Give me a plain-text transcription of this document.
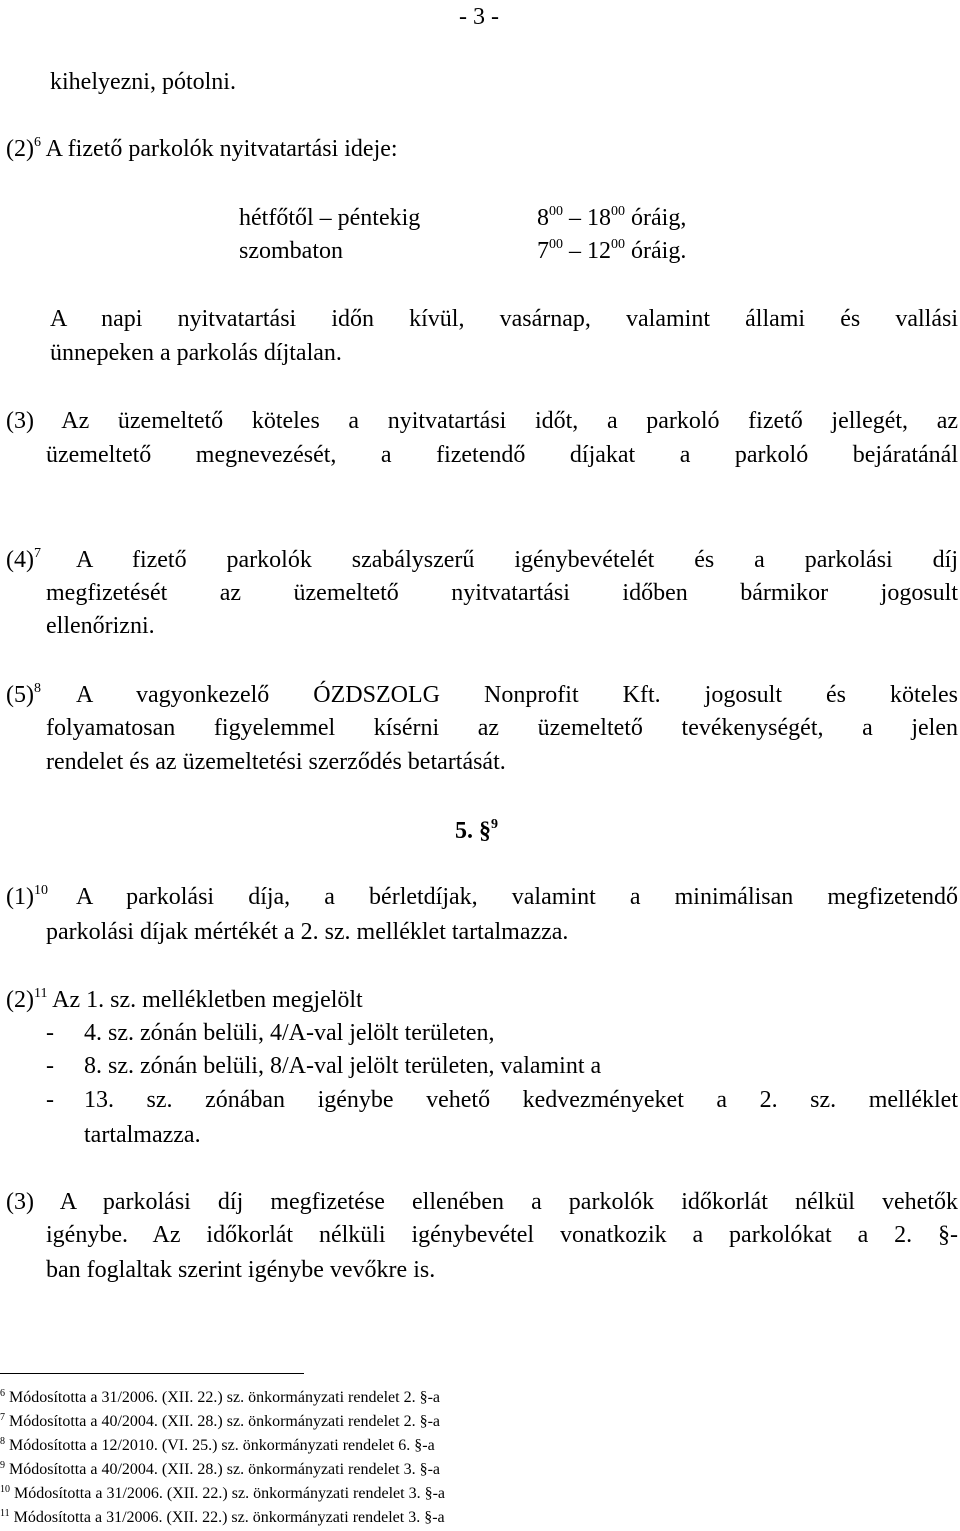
- 3 -
kihelyezni, pótolni.
$(2)^6$ A fizető parkolók nyitvatartási ideje:
hétfőtől – péntekig	$8^{00} - 18^{00}$ óráig,
szombaton	$7^{00} - 12^{00}$ óráig.
A napi nyitvatartási időn kívül, vasárnap, valamint állami és vallási
ünnepeken a parkolás díjtalan.
(3) Az üzemeltető köteles a nyitvatartási időt, a parkoló fizető jellegét, az
üzemeltető megnevezését, a fizetendő díjakat a parkoló bejáratánál
$(4)^7$ A fizető parkolók szabályszerű igénybevételét és a parkolási díj
megfizetését az üzemeltető nyitvatartási időben bármikor jogosult
ellenőrizni.
$(5)^8$ A vagyonkezelő ÓZDSZOLG Nonprofit Kft. jogosult és köteles
folyamatosan figyelemmel kísérni az üzemeltető tevékenységét, a jelen
rendelet és az üzemeltetési szerződés betartását.
5. §$^9$
$(1)^{10}$ A parkolási díja, a bérletdíjak, valamint a minimálisan megfizetendő
parkolási díjak mértékét a 2. sz. melléklet tartalmazza.
$(2)^{11}$ Az 1. sz. mellékletben megjelölt
- 4. sz. zónán belüli, 4/A-val jelölt területen,
- 8. sz. zónán belüli, 8/A-val jelölt területen, valamint a
- 13. sz. zónában igénybe vehető kedvezményeket a 2. sz. melléklet
tartalmazza.
(3) A parkolási díj megfizetése ellenében a parkolók időkorlát nélkül vehetők
igénybe. Az időkorlát nélküli igénybevétel vonatkozik a parkolókat a 2. §-
ban foglaltak szerint igénybe vevőkre is.
$^6$ Módosította a 31/2006. (XII. 22.) sz. önkormányzati rendelet 2. §-a
$^7$ Módosította a 40/2004. (XII. 28.) sz. önkormányzati rendelet 2. §-a
$^8$ Módosította a 12/2010. (VI. 25.) sz. önkormányzati rendelet 6. §-a
$^9$ Módosította a 40/2004. (XII. 28.) sz. önkormányzati rendelet 3. §-a
$^{10}$ Módosította a 31/2006. (XII. 22.) sz. önkormányzati rendelet 3. §-a
$^{11}$ Módosította a 31/2006. (XII. 22.) sz. önkormányzati rendelet 3. §-a
